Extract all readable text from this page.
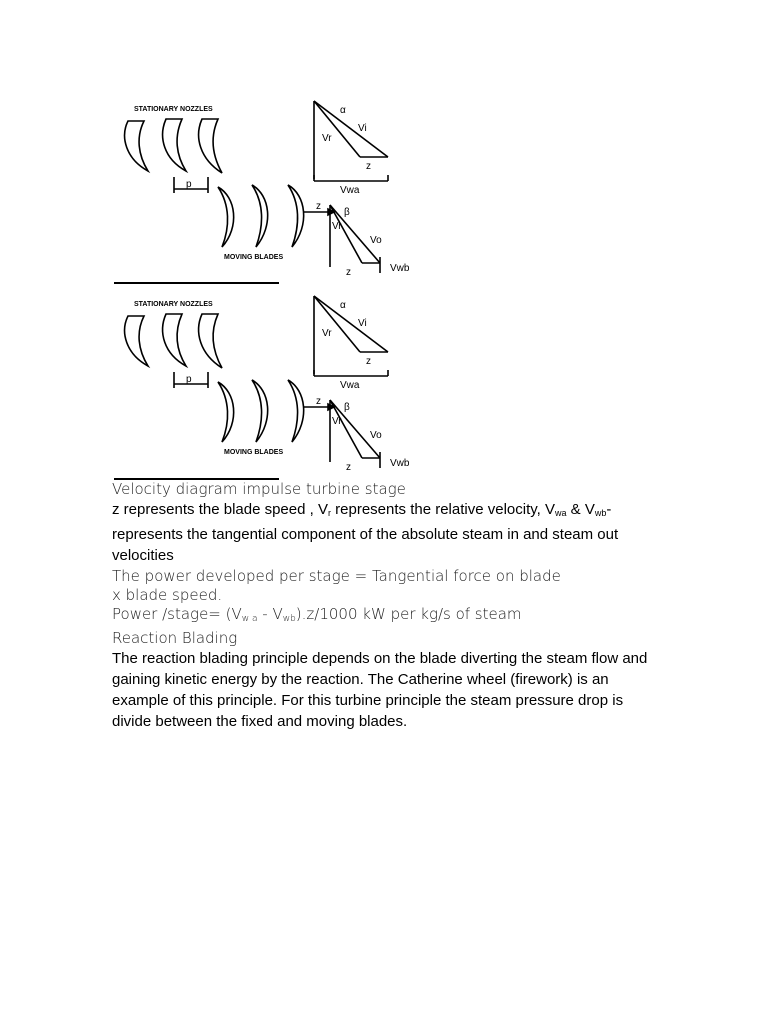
STATIONARY NOZZLES
MOVING BLADES
p
z
α
Vi
Vr
z
Vwa
β
Vr
Vo
z	Vwb
STATIONARY NOZZLES
MOVING BLADES
p
z
α
Vi
Vr
z
Vwa
β
Vr
Vo
z	Vwb

Velocity diagram impulse turbine stage

z represents the blade speed , $V_r$ represents the relative velocity, $V_{wa}$ & $V_{wb}-$ represents the tangential component of the absolute steam in and steam out velocities

The power developed per stage = Tangential force on blade

x blade speed.

Power /stage= $(V_{w a} - V_{wb}).z/1000$ kW per kg/s of steam

Reaction Blading

The reaction blading principle depends on the blade diverting the steam flow and gaining kinetic energy by the reaction. The Catherine wheel (firework) is an example of this principle. For this turbine principle the steam pressure drop is divide between the fixed and moving blades.
